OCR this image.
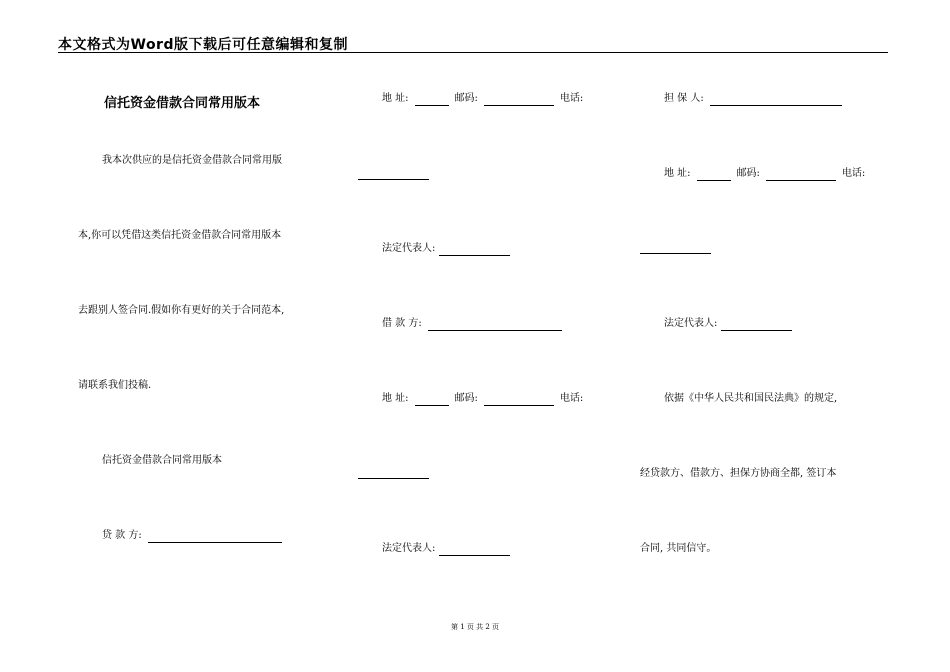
本文格式为Word版下载后可任意编辑和复制
信托资金借款合同常用版本
我本次供应的是信托资金借款合同常用版
本,你可以凭借这类信托资金借款合同常用版本
去跟别人签合同.假如你有更好的关于合同范本,
请联系我们投稿.
信托资金借款合同常用版本
贷 款 方:
地 址:	邮码:	电话:
法定代表人:
借 款 方:
地 址:	邮码:	电话:
法定代表人:
担 保 人:
地 址:	邮码:	电话:
法定代表人:
依据《中华人民共和国民法典》的规定,
经贷款方、借款方、担保方协商全都, 签订本
合同, 共同信守。
第 1 页 共 2 页
